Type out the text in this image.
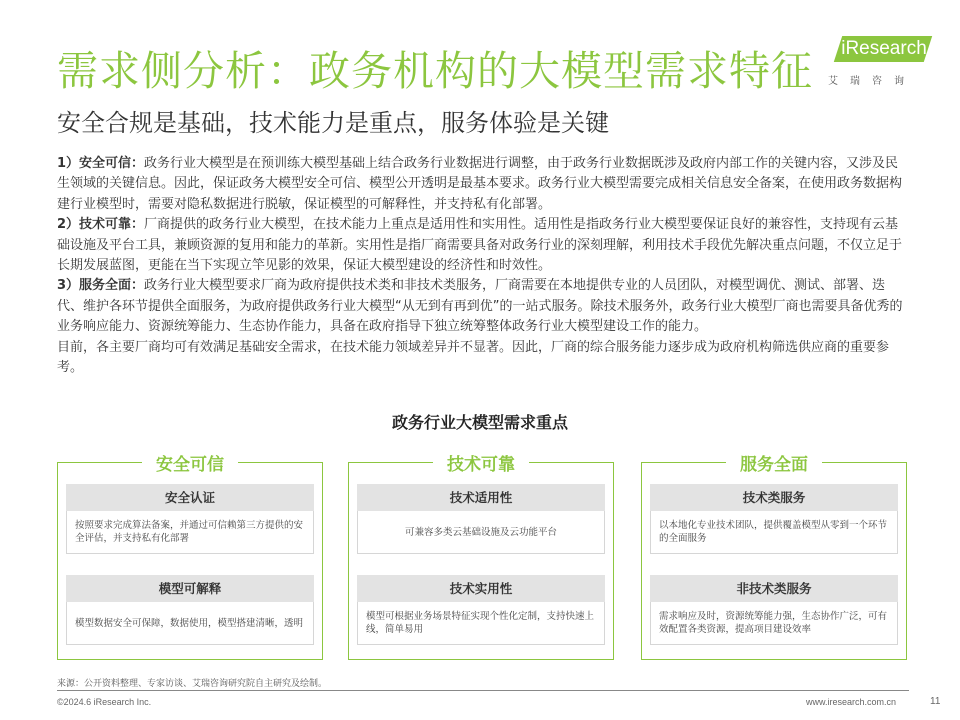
需求侧分析：政务机构的大模型需求特征
安全合规是基础，技术能力是重点，服务体验是关键
iResearch
艾瑞咨询

1）安全可信：政务行业大模型是在预训练大模型基础上结合政务行业数据进行调整，由于政务行业数据既涉及政府内部工作的关键内容，又涉及民生领域的关键信息。因此，保证政务大模型安全可信、模型公开透明是最基本要求。政务行业大模型需要完成相关信息安全备案，在使用政务数据构建行业模型时，需要对隐私数据进行脱敏，保证模型的可解释性，并支持私有化部署。

2）技术可靠：厂商提供的政务行业大模型，在技术能力上重点是适用性和实用性。适用性是指政务行业大模型要保证良好的兼容性，支持现有云基础设施及平台工具，兼顾资源的复用和能力的革新。实用性是指厂商需要具备对政务行业的深刻理解，利用技术手段优先解决重点问题，不仅立足于长期发展蓝图，更能在当下实现立竿见影的效果，保证大模型建设的经济性和时效性。

3）服务全面：政务行业大模型要求厂商为政府提供技术类和非技术类服务，厂商需要在本地提供专业的人员团队，对模型调优、测试、部署、迭代、维护各环节提供全面服务，为政府提供政务行业大模型“从无到有再到优”的一站式服务。除技术服务外，政务行业大模型厂商也需要具备优秀的业务响应能力、资源统筹能力、生态协作能力，具备在政府指导下独立统筹整体政务行业大模型建设工作的能力。

目前，各主要厂商均可有效满足基础安全需求，在技术能力领域差异并不显著。因此，厂商的综合服务能力逐步成为政府机构筛选供应商的重要参考。

政务行业大模型需求重点
安全可信
安全认证
按照要求完成算法备案，并通过可信赖第三方提供的安全评估，并支持私有化部署
模型可解释
模型数据安全可保障，数据使用，模型搭建清晰，透明
技术可靠
技术适用性
可兼容多类云基础设施及云功能平台
技术实用性
模型可根据业务场景特征实现个性化定制，支持快速上线，简单易用
服务全面
技术类服务
以本地化专业技术团队，提供覆盖模型从零到一个环节的全面服务
非技术类服务
需求响应及时，资源统筹能力强，生态协作广泛，可有效配置各类资源，提高项目建设效率
来源：公开资料整理、专家访谈、艾瑞咨询研究院自主研究及绘制。
©2024.6 iResearch Inc.	www.iresearch.com.cn	11
